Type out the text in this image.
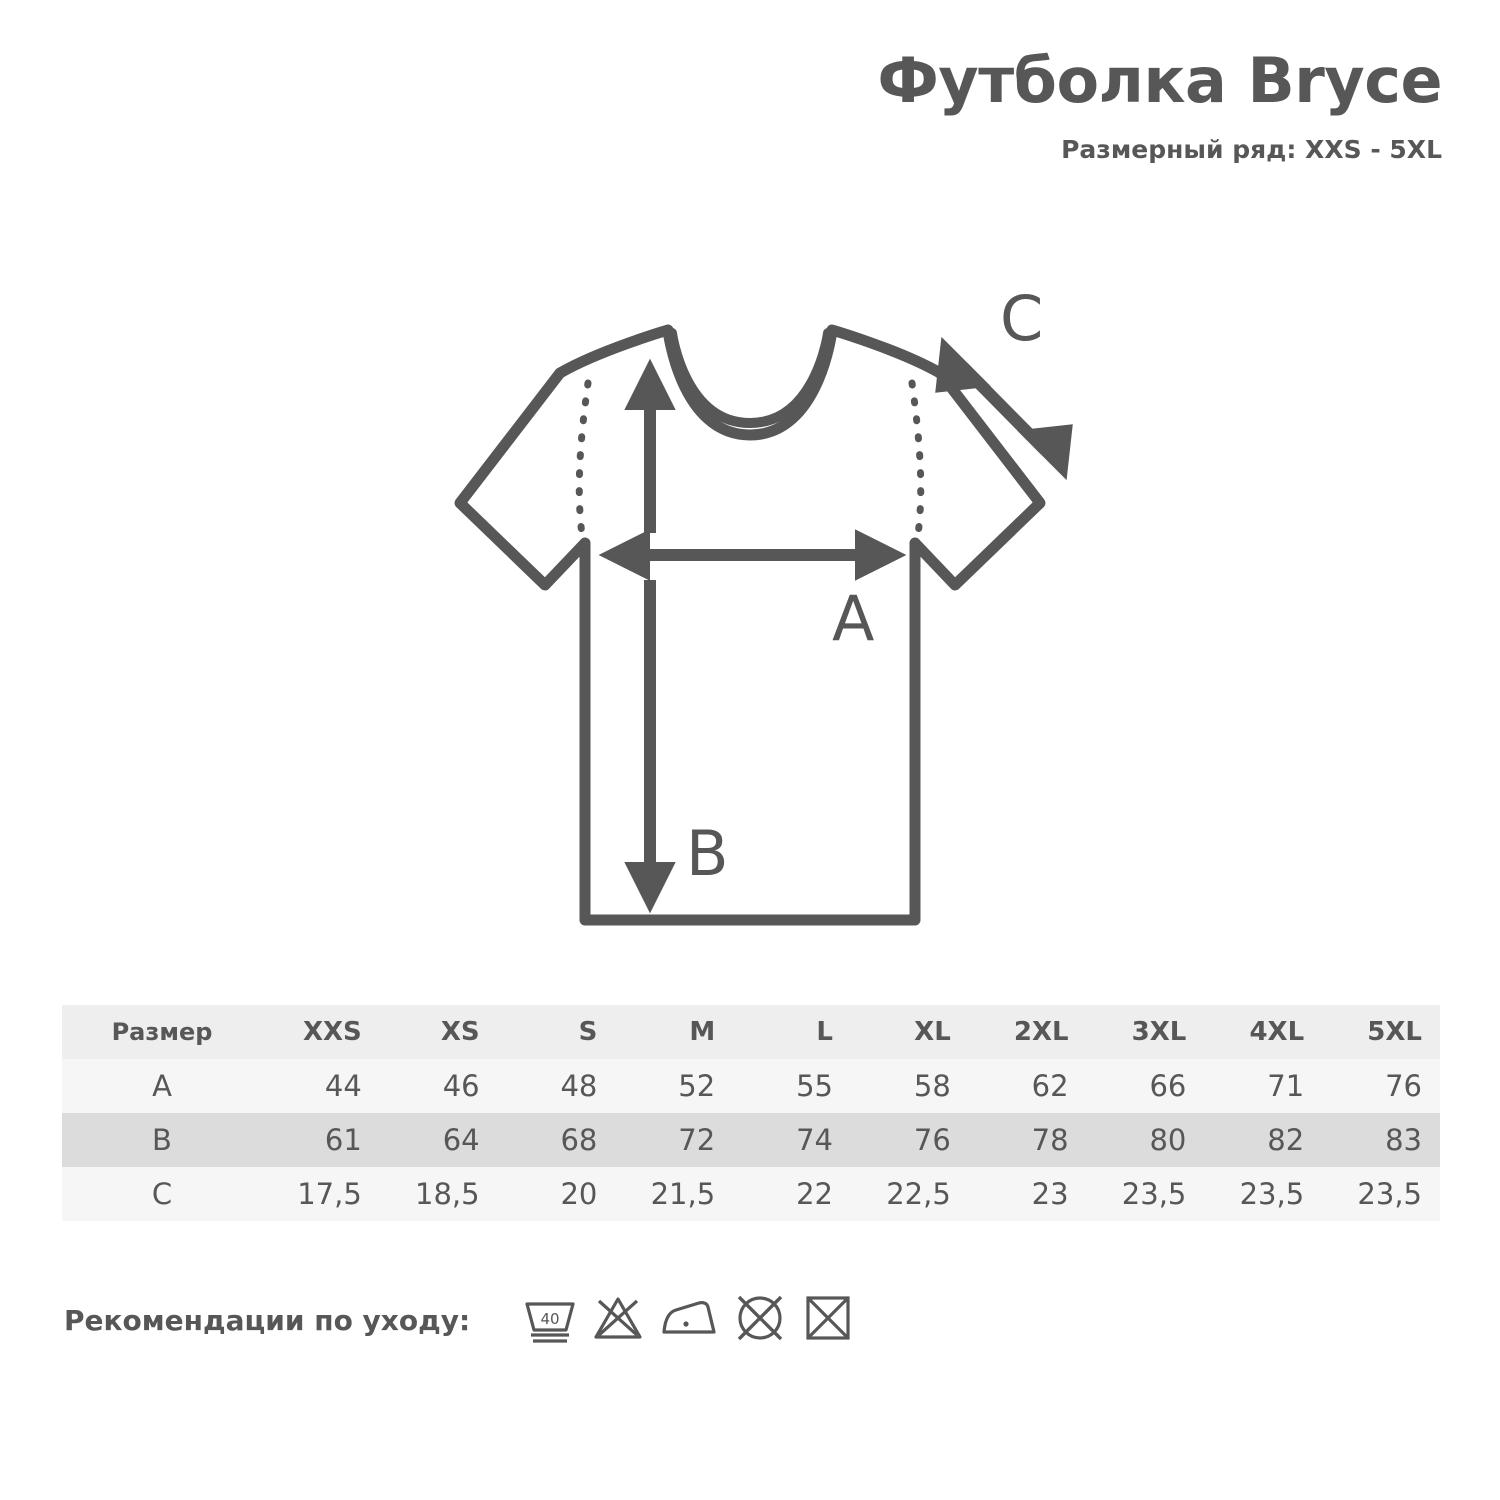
Футболка Bryce
Размерный ряд: XXS - 5XL
A
B
C
Размер	XXS	XS	S	M	L	XL	2XL	3XL	4XL	5XL
A	44	46	48	52	55	58	62	66	71	76
B	61	64	68	72	74	76	78	80	82	83
C	17,5	18,5	20	21,5	22	22,5	23	23,5	23,5	23,5
Рекомендации по уходу:	40
